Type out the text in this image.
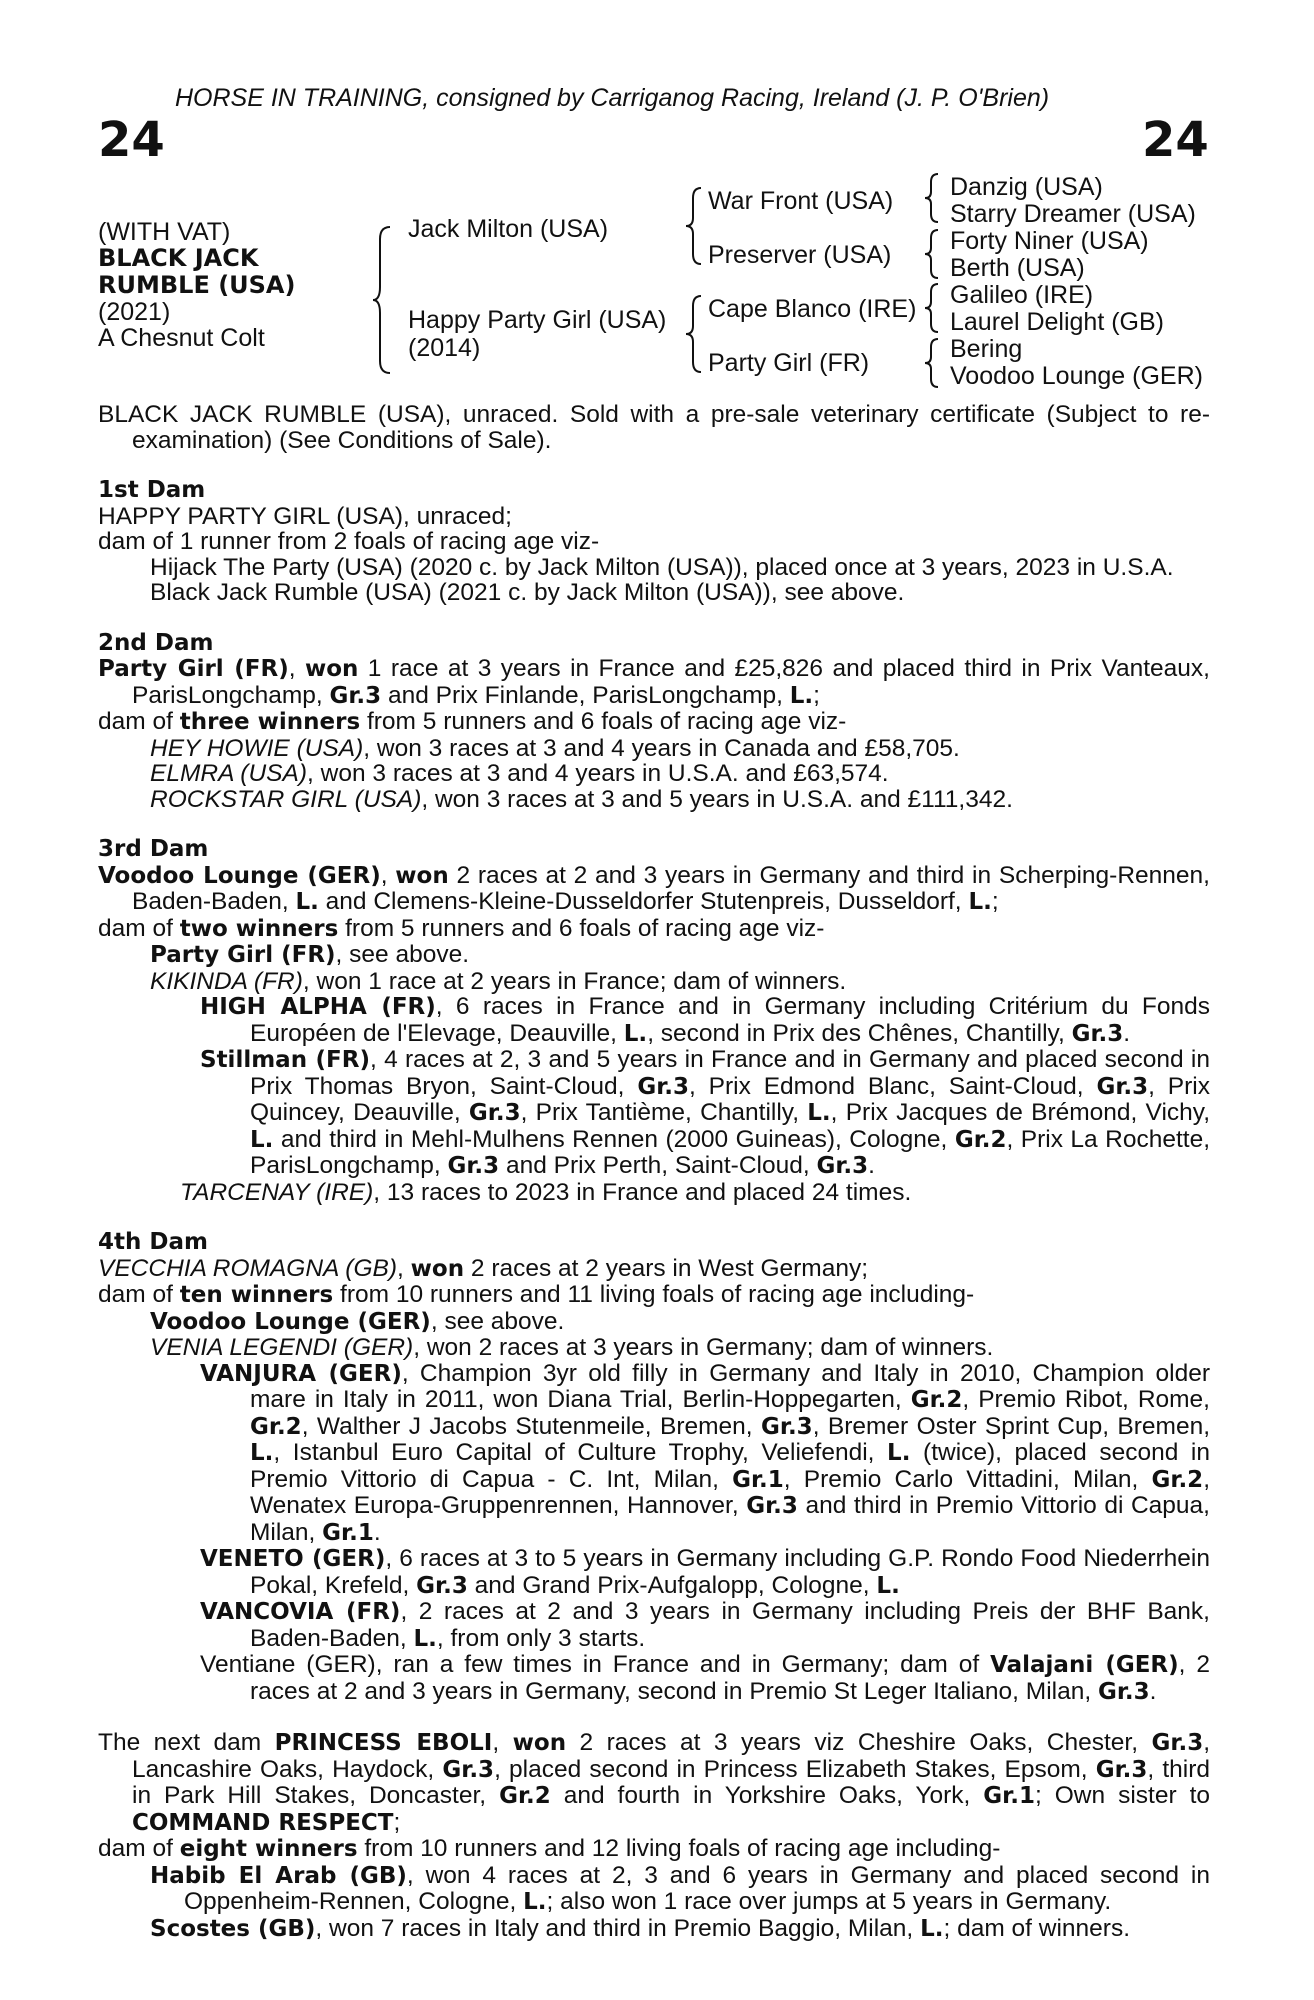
HORSE IN TRAINING, consigned by Carriganog Racing, Ireland (J. P. O'Brien)
24	24
(WITH VAT)
BLACK JACK
RUMBLE (USA)
(2021)
A Chesnut Colt
Jack Milton (USA)
Happy Party Girl (USA)
(2014)
War Front (USA)
Preserver (USA)
Cape Blanco (IRE)
Party Girl (FR)
Danzig (USA)
Starry Dreamer (USA)
Forty Niner (USA)
Berth (USA)
Galileo (IRE)
Laurel Delight (GB)
Bering
Voodoo Lounge (GER)

BLACK JACK RUMBLE (USA), unraced. Sold with a pre-sale veterinary certificate (Subject to re-examination) (See Conditions of Sale).

1st Dam

HAPPY PARTY GIRL (USA), unraced;

dam of 1 runner from 2 foals of racing age viz-

Hijack The Party (USA) (2020 c. by Jack Milton (USA)), placed once at 3 years, 2023 in U.S.A.

Black Jack Rumble (USA) (2021 c. by Jack Milton (USA)), see above.

2nd Dam

Party Girl (FR), won 1 race at 3 years in France and £25,826 and placed third in Prix Vanteaux, ParisLongchamp, Gr.3 and Prix Finlande, ParisLongchamp, L.;

dam of three winners from 5 runners and 6 foals of racing age viz-

HEY HOWIE (USA), won 3 races at 3 and 4 years in Canada and £58,705.

ELMRA (USA), won 3 races at 3 and 4 years in U.S.A. and £63,574.

ROCKSTAR GIRL (USA), won 3 races at 3 and 5 years in U.S.A. and £111,342.

3rd Dam

Voodoo Lounge (GER), won 2 races at 2 and 3 years in Germany and third in Scherping-Rennen, Baden-Baden, L. and Clemens-Kleine-Dusseldorfer Stutenpreis, Dusseldorf, L.;

dam of two winners from 5 runners and 6 foals of racing age viz-

Party Girl (FR), see above.

KIKINDA (FR), won 1 race at 2 years in France; dam of winners.

HIGH ALPHA (FR), 6 races in France and in Germany including Critérium du Fonds Européen de l'Elevage, Deauville, L., second in Prix des Chênes, Chantilly, Gr.3.

Stillman (FR), 4 races at 2, 3 and 5 years in France and in Germany and placed second in Prix Thomas Bryon, Saint-Cloud, Gr.3, Prix Edmond Blanc, Saint-Cloud, Gr.3, Prix Quincey, Deauville, Gr.3, Prix Tantième, Chantilly, L., Prix Jacques de Brémond, Vichy, L. and third in Mehl-Mulhens Rennen (2000 Guineas), Cologne, Gr.2, Prix La Rochette, ParisLongchamp, Gr.3 and Prix Perth, Saint-Cloud, Gr.3.

TARCENAY (IRE), 13 races to 2023 in France and placed 24 times.

4th Dam

VECCHIA ROMAGNA (GB), won 2 races at 2 years in West Germany;

dam of ten winners from 10 runners and 11 living foals of racing age including-

Voodoo Lounge (GER), see above.

VENIA LEGENDI (GER), won 2 races at 3 years in Germany; dam of winners.

VANJURA (GER), Champion 3yr old filly in Germany and Italy in 2010, Champion older mare in Italy in 2011, won Diana Trial, Berlin-Hoppegarten, Gr.2, Premio Ribot, Rome, Gr.2, Walther J Jacobs Stutenmeile, Bremen, Gr.3, Bremer Oster Sprint Cup, Bremen, L., Istanbul Euro Capital of Culture Trophy, Veliefendi, L. (twice), placed second in Premio Vittorio di Capua - C. Int, Milan, Gr.1, Premio Carlo Vittadini, Milan, Gr.2, Wenatex Europa-Gruppenrennen, Hannover, Gr.3 and third in Premio Vittorio di Capua, Milan, Gr.1.

VENETO (GER), 6 races at 3 to 5 years in Germany including G.P. Rondo Food Niederrhein Pokal, Krefeld, Gr.3 and Grand Prix-Aufgalopp, Cologne, L.

VANCOVIA (FR), 2 races at 2 and 3 years in Germany including Preis der BHF Bank, Baden-Baden, L., from only 3 starts.

Ventiane (GER), ran a few times in France and in Germany; dam of Valajani (GER), 2 races at 2 and 3 years in Germany, second in Premio St Leger Italiano, Milan, Gr.3.

The next dam PRINCESS EBOLI, won 2 races at 3 years viz Cheshire Oaks, Chester, Gr.3, Lancashire Oaks, Haydock, Gr.3, placed second in Princess Elizabeth Stakes, Epsom, Gr.3, third in Park Hill Stakes, Doncaster, Gr.2 and fourth in Yorkshire Oaks, York, Gr.1; Own sister to COMMAND RESPECT;

dam of eight winners from 10 runners and 12 living foals of racing age including-

Habib El Arab (GB), won 4 races at 2, 3 and 6 years in Germany and placed second in Oppenheim-Rennen, Cologne, L.; also won 1 race over jumps at 5 years in Germany.

Scostes (GB), won 7 races in Italy and third in Premio Baggio, Milan, L.; dam of winners.
